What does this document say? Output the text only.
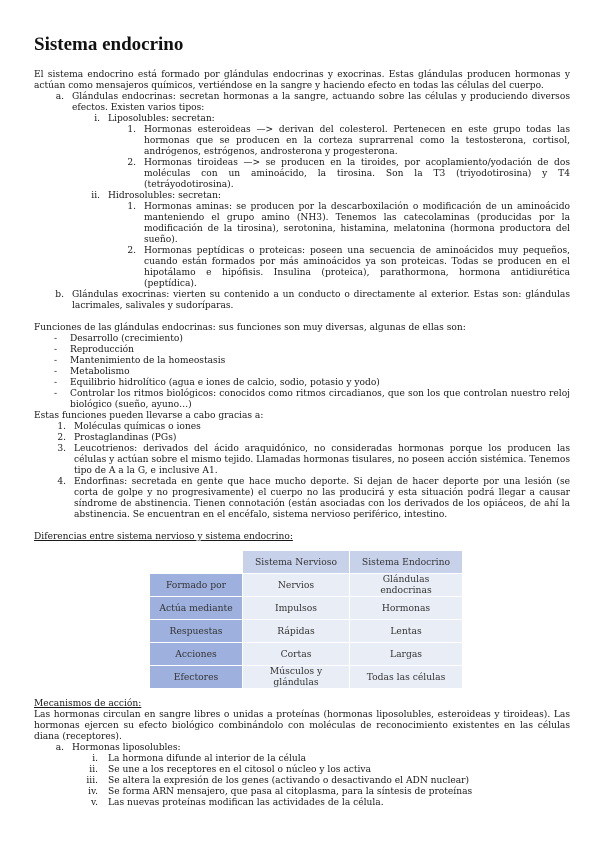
Sistema endocrino

El sistema endocrino está formado por glándulas endocrinas y exocrinas. Estas glándulas producen hormonas y actúan como mensajeros químicos, vertiéndose en la sangre y haciendo efecto en todas las células del cuerpo.

a. Glándulas endocrinas: secretan hormonas a la sangre, actuando sobre las células y produciendo diversos efectos. Existen varios tipos:
i. Liposolubles: secretan:
1. Hormonas esteroideas —> derivan del colesterol. Pertenecen en este grupo todas las hormonas que se producen en la corteza suprarrenal como la testosterona, cortisol, andrógenos, estrógenos, androsterona y progesterona.
2. Hormonas tiroideas —> se producen en la tiroides, por acoplamiento/yodación de dos moléculas con un aminoácido, la tirosina. Son la T3 (triyodotirosina) y T4 (tetráyodotirosina).
ii. Hidrosolubles: secretan:
1. Hormonas aminas: se producen por la descarboxilación o modificación de un aminoácido manteniendo el grupo amino (NH3). Tenemos las catecolaminas (producidas por la modificación de la tirosina), serotonina, histamina, melatonina (hormona productora del sueño).
2. Hormonas peptídicas o proteicas: poseen una secuencia de aminoácidos muy pequeños, cuando están formados por más aminoácidos ya son proteicas. Todas se producen en el hipotálamo e hipófisis. Insulina (proteica), parathormona, hormona antidiurética (peptídica).
b. Glándulas exocrinas: vierten su contenido a un conducto o directamente al exterior. Estas son: glándulas lacrimales, salivales y sudoríparas.

Funciones de las glándulas endocrinas: sus funciones son muy diversas, algunas de ellas son:

-	Desarrollo (crecimiento)
-	Reproducción
-	Mantenimiento de la homeostasis
-	Metabolismo
-	Equilibrio hidrolítico (agua e iones de calcio, sodio, potasio y yodo)
-	Controlar los ritmos biológicos: conocidos como ritmos circadianos, que son los que controlan nuestro reloj biológico (sueño, ayuno…)

Estas funciones pueden llevarse a cabo gracias a:

1. Moléculas químicas o iones
2. Prostaglandinas (PGs)
3. Leucotrienos: derivados del ácido araquidónico, no consideradas hormonas porque los producen las células y actúan sobre el mismo tejido. Llamadas hormonas tisulares, no poseen acción sistémica. Tenemos tipo de A a la G, e inclusive A1.
4. Endorfinas: secretada en gente que hace mucho deporte. Si dejan de hacer deporte por una lesión (se corta de golpe y no progresivamente) el cuerpo no las producirá y esta situación podrá llegar a causar síndrome de abstinencia. Tienen connotación (están asociadas con los derivados de los opiáceos, de ahí la abstinencia. Se encuentran en el encéfalo, sistema nervioso periférico, intestino.

Diferencias entre sistema nervioso y sistema endocrino:

	Sistema Nervioso	Sistema Endocrino
Formado por	Nervios	Glándulas endocrinas
Actúa mediante	Impulsos	Hormonas
Respuestas	Rápidas	Lentas
Acciones	Cortas	Largas
Efectores	Músculos y glándulas	Todas las células

Mecanismos de acción:

Las hormonas circulan en sangre libres o unidas a proteínas (hormonas liposolubles, esteroideas y tiroideas). Las hormonas ejercen su efecto biológico combinándolo con moléculas de reconocimiento existentes en las células diana (receptores).

a. Hormonas liposolubles:
i.	La hormona difunde al interior de la célula
ii.	Se une a los receptores en el citosol o núcleo y los activa
iii.	Se altera la expresión de los genes (activando o desactivando el ADN nuclear)
iv.	Se forma ARN mensajero, que pasa al citoplasma, para la síntesis de proteínas
v.	Las nuevas proteínas modifican las actividades de la célula.
